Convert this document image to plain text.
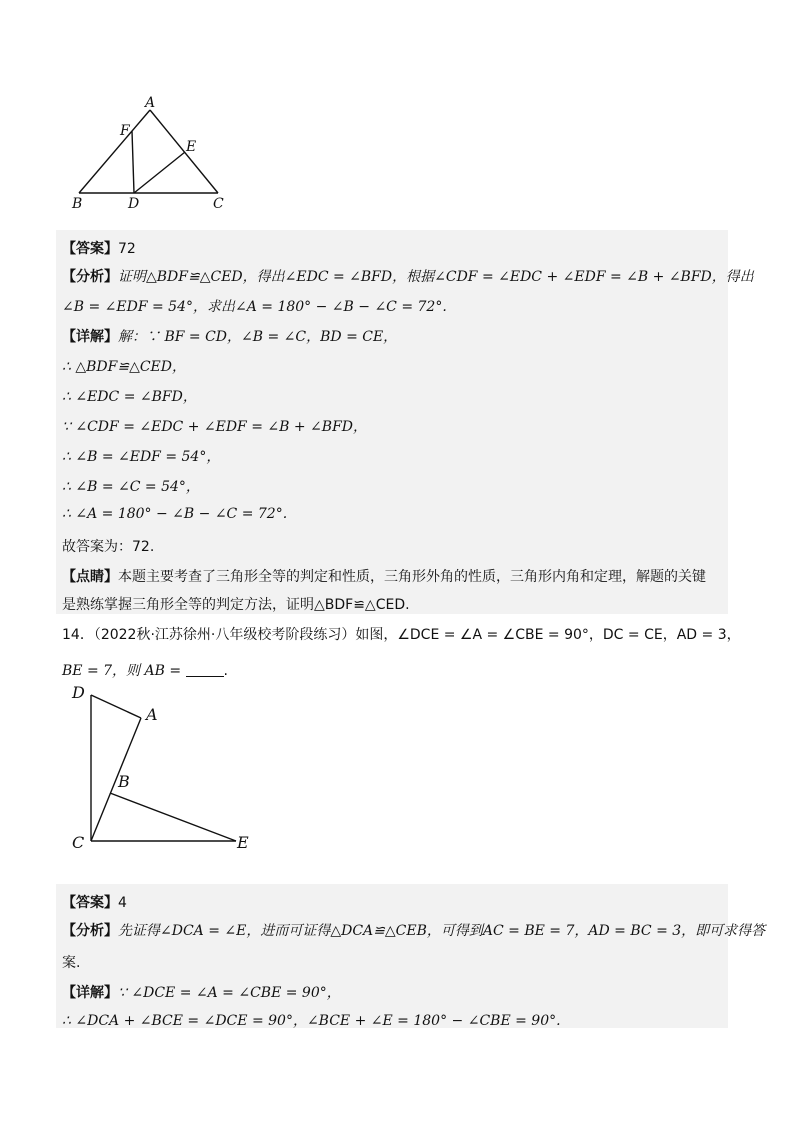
A
F
E
B	D	C
【答案】72
【分析】证明△BDF≌△CED，得出∠EDC = ∠BFD，根据∠CDF = ∠EDC + ∠EDF = ∠B + ∠BFD，得出
∠B = ∠EDF = 54°，求出∠A = 180° − ∠B − ∠C = 72°.
【详解】解：∵ BF = CD，∠B = ∠C，BD = CE，
∴ △BDF≌△CED，
∴ ∠EDC = ∠BFD，
∵ ∠CDF = ∠EDC + ∠EDF = ∠B + ∠BFD，
∴ ∠B = ∠EDF = 54°，
∴ ∠B = ∠C = 54°，
∴ ∠A = 180° − ∠B − ∠C = 72°.
故答案为：72.
【点睛】本题主要考查了三角形全等的判定和性质，三角形外角的性质，三角形内角和定理，解题的关键
是熟练掌握三角形全等的判定方法，证明△BDF≌△CED.
14．（2022秋·江苏徐州·八年级校考阶段练习）如图，∠DCE = ∠A = ∠CBE = 90°，DC = CE，AD = 3，
BE = 7，则 AB =	.
D
A
B
C	E
【答案】4
【分析】先证得∠DCA = ∠E，进而可证得△DCA≌△CEB，可得到AC = BE = 7，AD = BC = 3，即可求得答
案.
【详解】∵ ∠DCE = ∠A = ∠CBE = 90°，
∴ ∠DCA + ∠BCE = ∠DCE = 90°，∠BCE + ∠E = 180° − ∠CBE = 90°.
